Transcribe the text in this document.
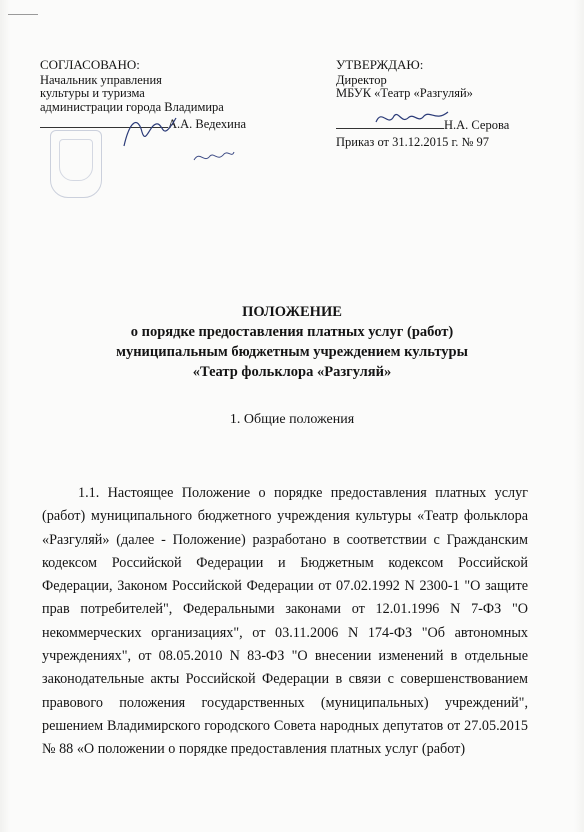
СОГЛАСОВАНО:
Начальник управления
культуры и туризма
администрации города Владимира
А.А. Ведехина
УТВЕРЖДАЮ:
Директор
МБУК «Театр «Разгуляй»
Н.А. Серова
Приказ от 31.12.2015 г. № 97
ПОЛОЖЕНИЕ
о порядке предоставления платных услуг (работ)
муниципальным бюджетным учреждением культуры
«Театр фольклора «Разгуляй»
1. Общие положения
1.1. Настоящее Положение о порядке предоставления платных услуг (работ) муниципального бюджетного учреждения культуры «Театр фольклора «Разгуляй» (далее - Положение) разработано в соответствии с Гражданским кодексом Российской Федерации и Бюджетным кодексом Российской Федерации, Законом Российской Федерации от 07.02.1992 N 2300-1 "О защите прав потребителей", Федеральными законами от 12.01.1996 N 7-ФЗ "О некоммерческих организациях", от 03.11.2006 N 174-ФЗ "Об автономных учреждениях", от 08.05.2010 N 83-ФЗ "О внесении изменений в отдельные законодательные акты Российской Федерации в связи с совершенствованием правового положения государственных (муниципальных) учреждений", решением Владимирского городского Совета народных депутатов от 27.05.2015 № 88 «О положении о порядке предоставления платных услуг (работ)
